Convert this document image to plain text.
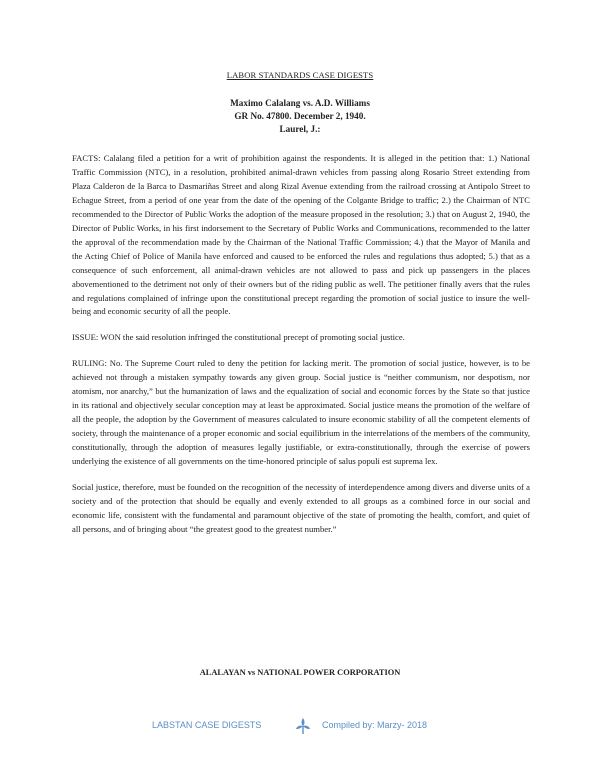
LABOR STANDARDS CASE DIGESTS
Maximo Calalang vs. A.D. Williams
GR No. 47800. December 2, 1940.
Laurel, J.:

FACTS: Calalang filed a petition for a writ of prohibition against the respondents. It is alleged in the petition that: 1.) National Traffic Commission (NTC), in a resolution, prohibited animal-drawn vehicles from passing along Rosario Street extending from Plaza Calderon de la Barca to Dasmariñas Street and along Rizal Avenue extending from the railroad crossing at Antipolo Street to Echague Street, from a period of one year from the date of the opening of the Colgante Bridge to traffic; 2.) the Chairman of NTC recommended to the Director of Public Works the adoption of the measure proposed in the resolution; 3.) that on August 2, 1940, the Director of Public Works, in his first indorsement to the Secretary of Public Works and Communications, recommended to the latter the approval of the recommendation made by the Chairman of the National Traffic Commission; 4.) that the Mayor of Manila and the Acting Chief of Police of Manila have enforced and caused to be enforced the rules and regulations thus adopted; 5.) that as a consequence of such enforcement, all animal-drawn vehicles are not allowed to pass and pick up passengers in the places abovementioned to the detriment not only of their owners but of the riding public as well. The petitioner finally avers that the rules and regulations complained of infringe upon the constitutional precept regarding the promotion of social justice to insure the well-being and economic security of all the people.

ISSUE: WON the said resolution infringed the constitutional precept of promoting social justice.

RULING: No. The Supreme Court ruled to deny the petition for lacking merit. The promotion of social justice, however, is to be achieved not through a mistaken sympathy towards any given group. Social justice is “neither communism, nor despotism, nor atomism, nor anarchy,” but the humanization of laws and the equalization of social and economic forces by the State so that justice in its rational and objectively secular conception may at least be approximated. Social justice means the promotion of the welfare of all the people, the adoption by the Government of measures calculated to insure economic stability of all the competent elements of society, through the maintenance of a proper economic and social equilibrium in the interrelations of the members of the community, constitutionally, through the adoption of measures legally justifiable, or extra-constitutionally, through the exercise of powers underlying the existence of all governments on the time-honored principle of salus populi est suprema lex.

Social justice, therefore, must be founded on the recognition of the necessity of interdependence among divers and diverse units of a society and of the protection that should be equally and evenly extended to all groups as a combined force in our social and economic life, consistent with the fundamental and paramount objective of the state of promoting the health, comfort, and quiet of all persons, and of bringing about “the greatest good to the greatest number.”

ALALAYAN vs NATIONAL POWER CORPORATION
LABSTAN CASE DIGESTS	Compiled by: Marzy- 2018
